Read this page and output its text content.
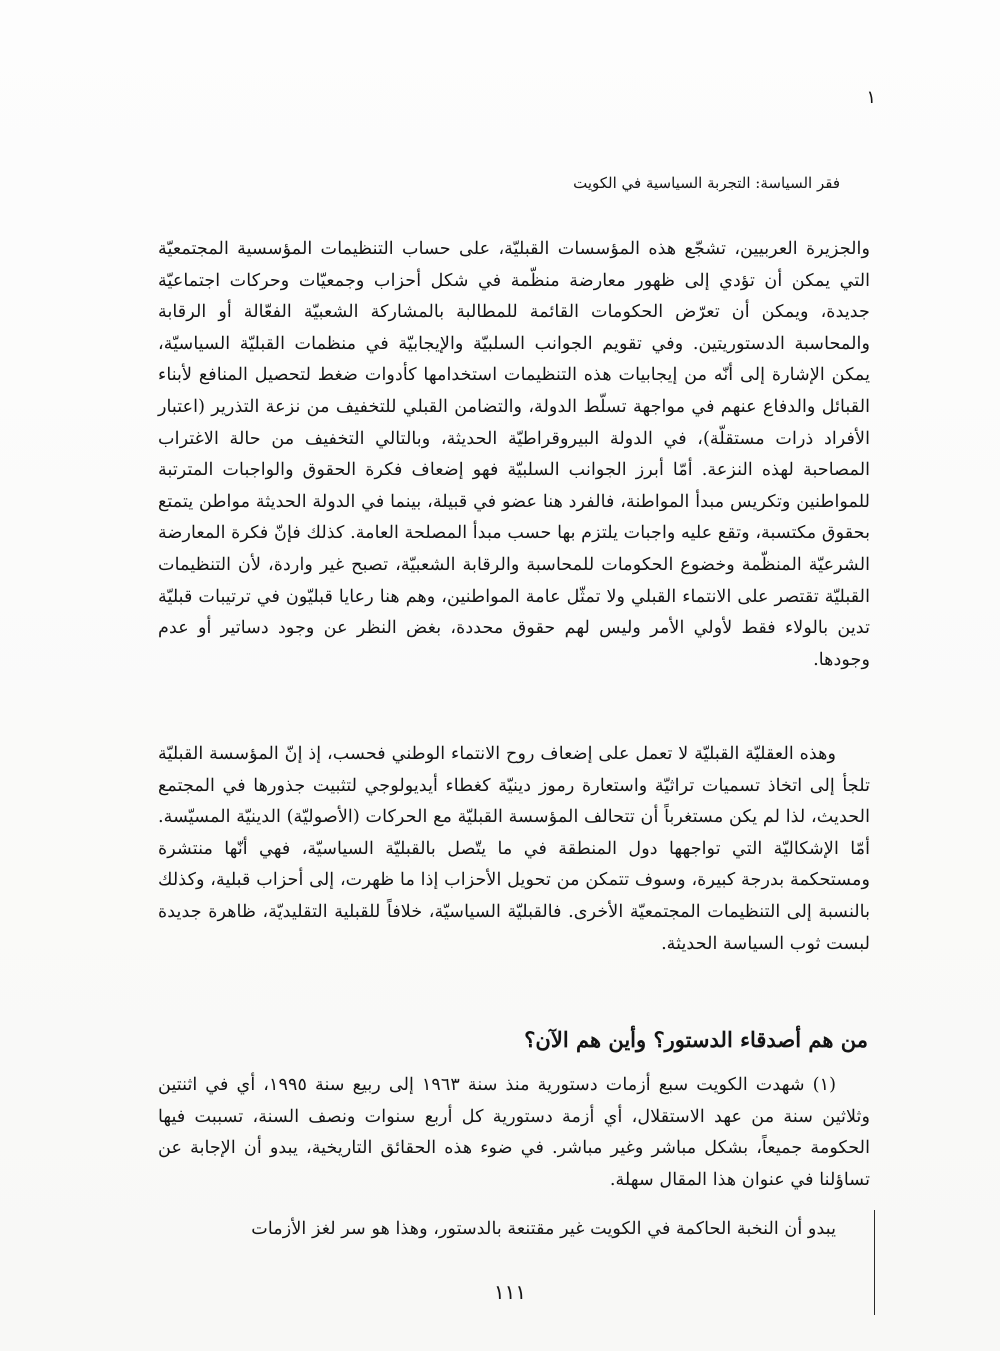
١
فقر السياسة: التجربة السياسية في الكويت

والجزيرة العربيين، تشجّع هذه المؤسسات القبليّة، على حساب التنظيمات المؤسسية المجتمعيّة التي يمكن أن تؤدي إلى ظهور معارضة منظّمة في شكل أحزاب وجمعيّات وحركات اجتماعيّة جديدة، ويمكن أن تعرّض الحكومات القائمة للمطالبة بالمشاركة الشعبيّة الفعّالة أو الرقابة والمحاسبة الدستوريتين. وفي تقويم الجوانب السلبيّة والإيجابيّة في منظمات القبليّة السياسيّة، يمكن الإشارة إلى أنّه من إيجابيات هذه التنظيمات استخدامها كأدوات ضغط لتحصيل المنافع لأبناء القبائل والدفاع عنهم في مواجهة تسلّط الدولة، والتضامن القبلي للتخفيف من نزعة التذرير (اعتبار الأفراد ذرات مستقلّة)، في الدولة البيروقراطيّة الحديثة، وبالتالي التخفيف من حالة الاغتراب المصاحبة لهذه النزعة. أمّا أبرز الجوانب السلبيّة فهو إضعاف فكرة الحقوق والواجبات المترتبة للمواطنين وتكريس مبدأ المواطنة، فالفرد هنا عضو في قبيلة، بينما في الدولة الحديثة مواطن يتمتع بحقوق مكتسبة، وتقع عليه واجبات يلتزم بها حسب مبدأ المصلحة العامة. كذلك فإنّ فكرة المعارضة الشرعيّة المنظّمة وخضوع الحكومات للمحاسبة والرقابة الشعبيّة، تصبح غير واردة، لأن التنظيمات القبليّة تقتصر على الانتماء القبلي ولا تمثّل عامة المواطنين، وهم هنا رعايا قبليّون في ترتيبات قبليّة تدين بالولاء فقط لأولي الأمر وليس لهم حقوق محددة، بغض النظر عن وجود دساتير أو عدم وجودها.

وهذه العقليّة القبليّة لا تعمل على إضعاف روح الانتماء الوطني فحسب، إذ إنّ المؤسسة القبليّة تلجأ إلى اتخاذ تسميات تراثيّة واستعارة رموز دينيّة كغطاء أيديولوجي لتثبيت جذورها في المجتمع الحديث، لذا لم يكن مستغرباً أن تتحالف المؤسسة القبليّة مع الحركات (الأصوليّة) الدينيّة المسيّسة. أمّا الإشكاليّة التي تواجهها دول المنطقة في ما يتّصل بالقبليّة السياسيّة، فهي أنّها منتشرة ومستحكمة بدرجة كبيرة، وسوف تتمكن من تحويل الأحزاب إذا ما ظهرت، إلى أحزاب قبلية، وكذلك بالنسبة إلى التنظيمات المجتمعيّة الأخرى. فالقبليّة السياسيّة، خلافاً للقبلية التقليديّة، ظاهرة جديدة لبست ثوب السياسة الحديثة.

من هم أصدقاء الدستور؟ وأين هم الآن؟

(١) شهدت الكويت سبع أزمات دستورية منذ سنة ١٩٦٣ إلى ربيع سنة ١٩٩٥، أي في اثنتين وثلاثين سنة من عهد الاستقلال، أي أزمة دستورية كل أربع سنوات ونصف السنة، تسببت فيها الحكومة جميعاً، بشكل مباشر وغير مباشر. في ضوء هذه الحقائق التاريخية، يبدو أن الإجابة عن تساؤلنا في عنوان هذا المقال سهلة.

يبدو أن النخبة الحاكمة في الكويت غير مقتنعة بالدستور، وهذا هو سر لغز الأزمات

١١١
